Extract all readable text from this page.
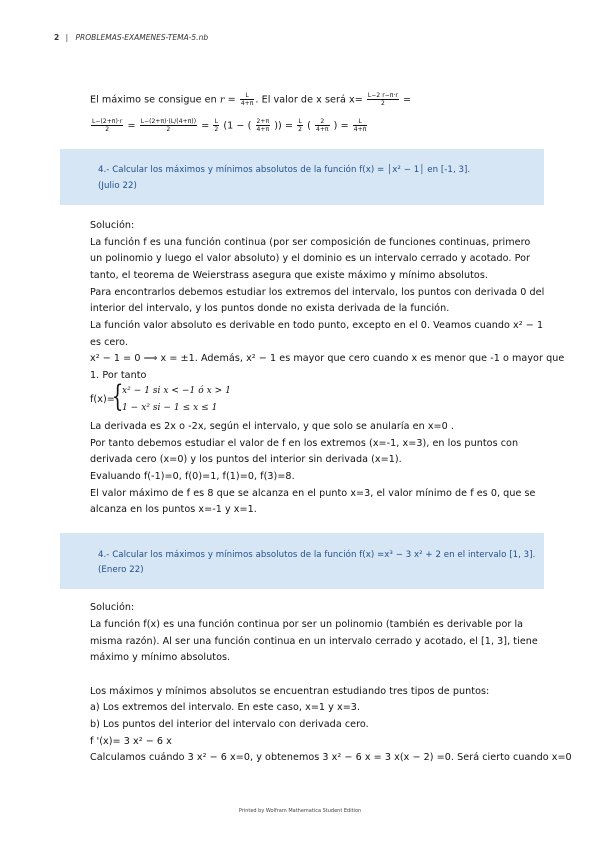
2 | PROBLEMAS-EXAMENES-TEMA-5.nb
El máximo se consigue en $r = \frac{L}{4+\pi}$ . El valor de x será $x= \frac{L-2 r-\pi\cdot r}{2}$ =
$\frac{L-(2+\pi)\cdot r}{2} = \frac{L-(2+\pi)\cdot(L/(4+\pi))}{2} = \frac{L}{2} (1$ − ( $\frac{2+\pi}{4+\pi}$ )) = $\frac{L}{2}$ ( $\frac{2}{4+\pi}$ ) = $\frac{L}{4+\pi}$
4.- Calcular los máximos y mínimos absolutos de la función f(x) = │x² − 1│ en [-1, 3].
(Julio 22)
Solución:
La función f es una función continua (por ser composición de funciones continuas, primero
un polinomio y luego el valor absoluto) y el dominio es un intervalo cerrado y acotado. Por
tanto, el teorema de Weierstrass asegura que existe máximo y mínimo absolutos.
Para encontrarlos debemos estudiar los extremos del intervalo, los puntos con derivada 0 del
interior del intervalo, y los puntos donde no exista derivada de la función.
La función valor absoluto es derivable en todo punto, excepto en el 0. Veamos cuando x² − 1
es cero.
x² − 1 = 0 ⟹ x = ±1. Además, x² − 1 es mayor que cero cuando x es menor que -1 o mayor que
1. Por tanto
f(x)=
{
x² − 1 si x < −1 ó x > 1
1 − x² si − 1 ≤ x ≤ 1
La derivada es 2x o -2x, según el intervalo, y que solo se anularía en x=0 .
Por tanto debemos estudiar el valor de f en los extremos (x=-1, x=3), en los puntos con
derivada cero (x=0) y los puntos del interior sin derivada (x=1).
Evaluando f(-1)=0, f(0)=1, f(1)=0, f(3)=8.
El valor máximo de f es 8 que se alcanza en el punto x=3, el valor mínimo de f es 0, que se
alcanza en los puntos x=-1 y x=1.
4.- Calcular los máximos y mínimos absolutos de la función f(x) =x³ − 3 x² + 2 en el intervalo [1, 3].
(Enero 22)
Solución:
La función f(x) es una función continua por ser un polinomio (también es derivable por la
misma razón). Al ser una función continua en un intervalo cerrado y acotado, el [1, 3], tiene
máximo y mínimo absolutos.
Los máximos y mínimos absolutos se encuentran estudiando tres tipos de puntos:
a) Los extremos del intervalo. En este caso, x=1 y x=3.
b) Los puntos del interior del intervalo con derivada cero.
f '(x)= 3 x² − 6 x
Calculamos cuándo 3 x² − 6 x=0, y obtenemos 3 x² − 6 x = 3 x(x − 2) =0. Será cierto cuando x=0
Printed by Wolfram Mathematica Student Edition
